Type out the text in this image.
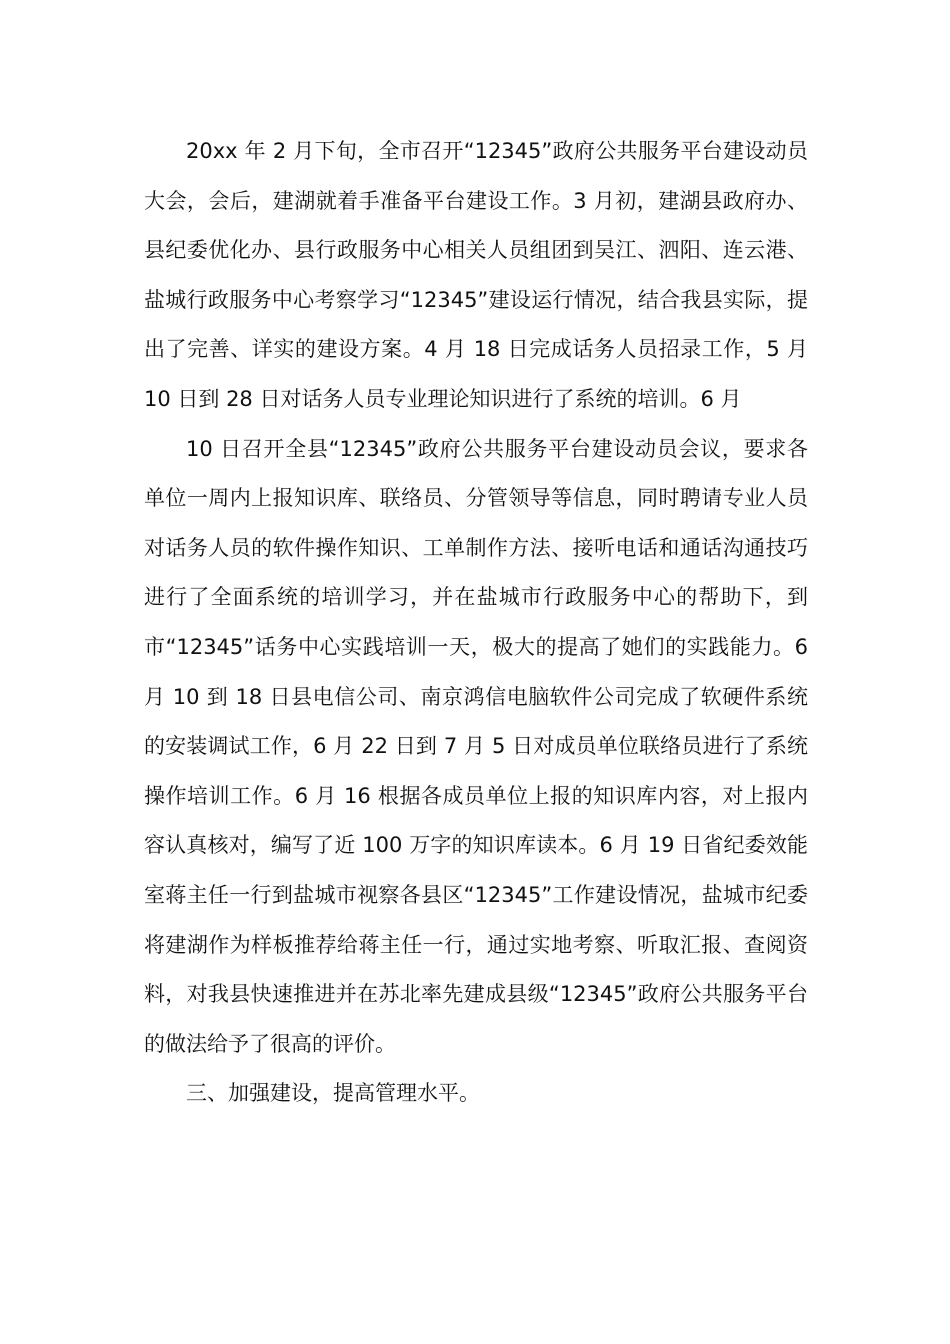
20xx 年 2 月下旬，全市召开“12345”政府公共服务平台建设动员大会，会后，建湖就着手准备平台建设工作。3 月初，建湖县政府办、县纪委优化办、县行政服务中心相关人员组团到吴江、泗阳、连云港、盐城行政服务中心考察学习“12345”建设运行情况，结合我县实际，提出了完善、详实的建设方案。4 月 18 日完成话务人员招录工作，5 月 10 日到 28 日对话务人员专业理论知识进行了系统的培训。6 月

10 日召开全县“12345”政府公共服务平台建设动员会议，要求各单位一周内上报知识库、联络员、分管领导等信息，同时聘请专业人员对话务人员的软件操作知识、工单制作方法、接听电话和通话沟通技巧进行了全面系统的培训学习，并在盐城市行政服务中心的帮助下，到市“12345”话务中心实践培训一天，极大的提高了她们的实践能力。6 月 10 到 18 日县电信公司、南京鸿信电脑软件公司完成了软硬件系统的安装调试工作，6 月 22 日到 7 月 5 日对成员单位联络员进行了系统操作培训工作。6 月 16 根据各成员单位上报的知识库内容，对上报内容认真核对，编写了近 100 万字的知识库读本。6 月 19 日省纪委效能室蒋主任一行到盐城市视察各县区“12345”工作建设情况，盐城市纪委将建湖作为样板推荐给蒋主任一行，通过实地考察、听取汇报、查阅资料，对我县快速推进并在苏北率先建成县级“12345”政府公共服务平台的做法给予了很高的评价。

三、加强建设，提高管理水平。
